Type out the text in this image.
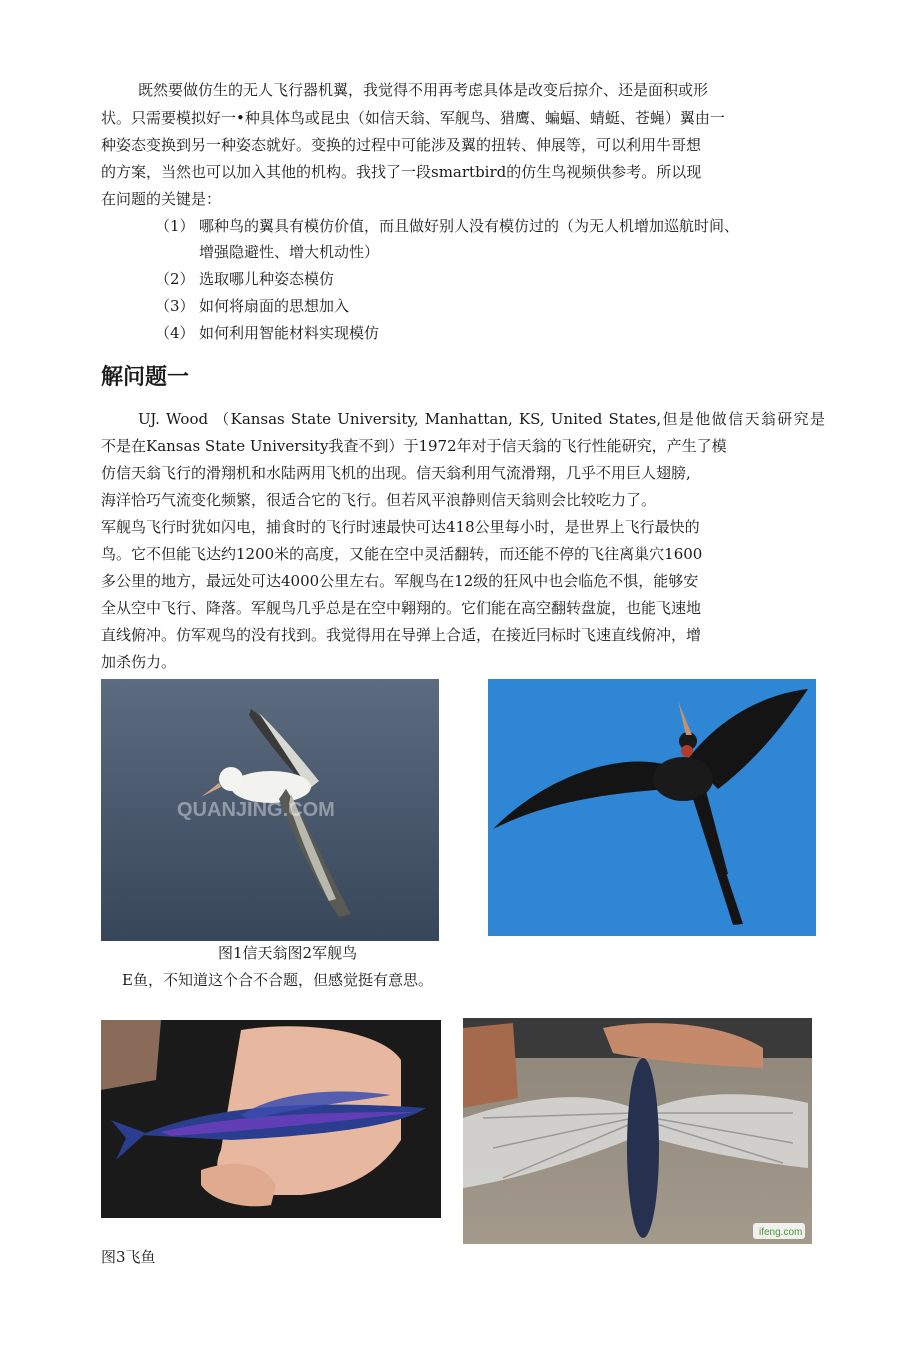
既然要做仿生的无人飞行器机翼，我觉得不用再考虑具体是改变后掠介、还是面积或形
状。只需要模拟好一•种具体鸟或昆虫（如信天翁、军舰鸟、猎鹰、蝙蝠、蜻蜓、苍蝇）翼由一
种姿态变换到另一种姿态就好。变换的过程中可能涉及翼的扭转、伸展等，可以利用牛哥想
的方案，当然也可以加入其他的机构。我找了一段smartbird的仿生鸟视频供参考。所以现
在问题的关键是：
（1） 哪种鸟的翼具有模仿价值，而且做好别人没有模仿过的（为无人机增加巡航时间、
增强隐避性、增大机动性）
（2） 选取哪儿种姿态模仿
（3） 如何将扇面的思想加入
（4） 如何利用智能材料实现模仿
解问题一
UJ. Wood （Kansas State University, Manhattan, KS, United States,但是他做信天翁研究是
不是在Kansas State University我査不到）于1972年对于信天翁的飞行性能研究，产生了模
仿信天翁飞行的滑翔机和水陆两用飞机的出现。信天翁利用气流滑翔，几乎不用巨人翅膀,
海洋恰巧气流变化频繁，很适合它的飞行。但若风平浪静则信天翁则会比较吃力了。
军舰鸟飞行时犹如闪电，捕食时的飞行时速最快可达418公里每小时，是世界上飞行最快的
鸟。它不但能飞达约1200米的高度，又能在空中灵活翻转，而还能不停的飞往离巢穴1600
多公里的地方，最远处可达4000公里左右。军舰鸟在12级的狂风中也会临危不惧，能够安
全从空中飞行、降落。军舰鸟几乎总是在空中翱翔的。它们能在高空翻转盘旋，也能飞速地
直线俯冲。仿军观鸟的没有找到。我觉得用在导弹上合适，在接近冃标时飞速直线俯冲，增
加杀伤力。
QUANJING.COM
图1信天翁图2军舰鸟
E鱼，不知道这个合不合题，但感觉挺有意思。
ifeng.com
图3飞鱼
